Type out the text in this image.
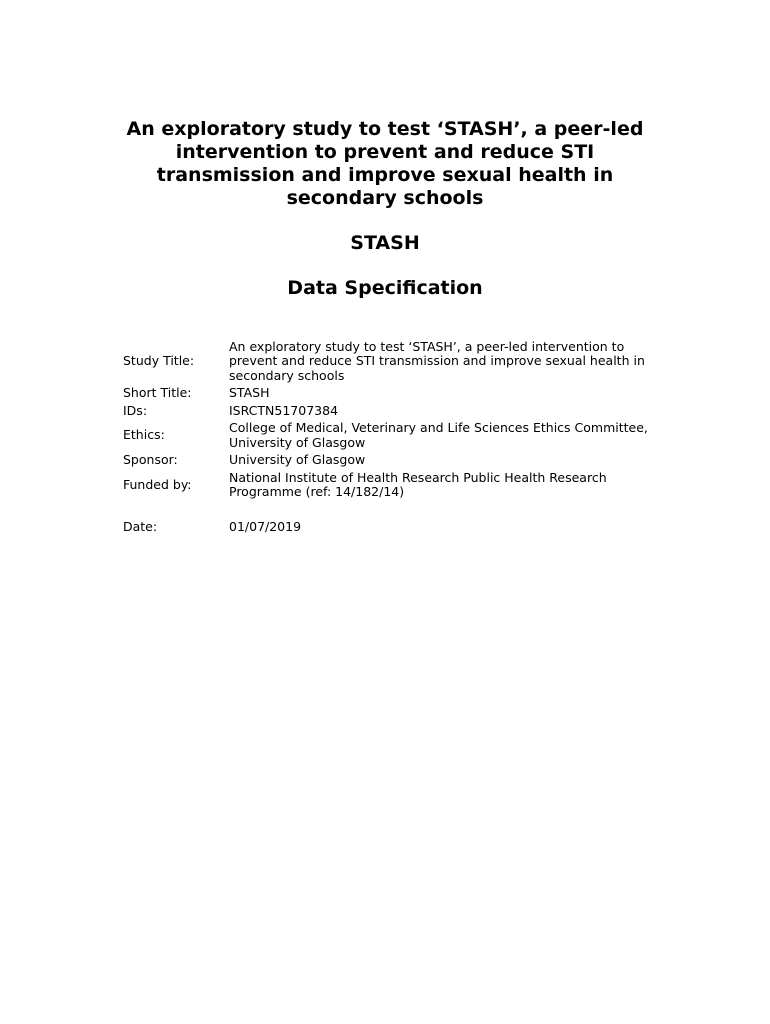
An exploratory study to test ‘STASH’, a peer-led intervention to prevent and reduce STI transmission and improve sexual health in secondary schools
STASH
Data Specification
Study Title:	An exploratory study to test ‘STASH’, a peer-led intervention to prevent and reduce STI transmission and improve sexual health in secondary schools
Short Title:	STASH
IDs:	ISRCTN51707384
Ethics:	College of Medical, Veterinary and Life Sciences Ethics Committee, University of Glasgow
Sponsor:	University of Glasgow
Funded by:	National Institute of Health Research Public Health Research Programme (ref: 14/182/14)

Date:	01/07/2019
